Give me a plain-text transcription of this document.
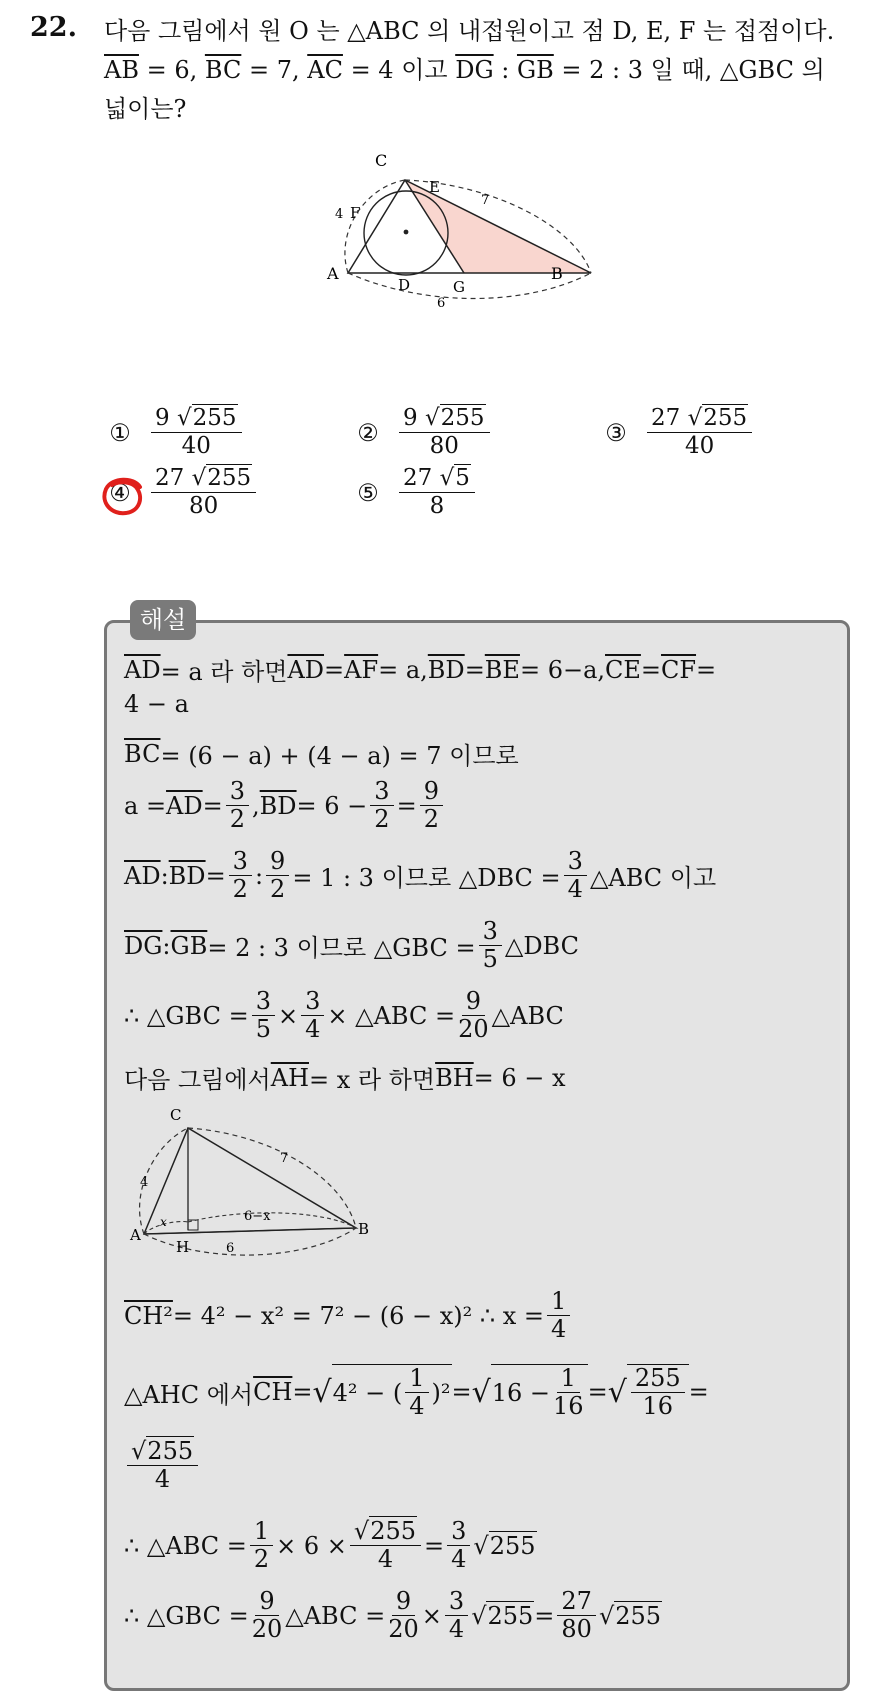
22. 다음 그림에서 원 O 는 △ABC 의 내접원이고 점 D, E, F 는 접점이다.
$\overline{AB} = 6$, $\overline{BC} = 7$, $\overline{AC} = 4$ 이고 $\overline{DG}$ : $\overline{GB} = 2$ : 3 일 때, △GBC 의
넓이는?
C
E
F
4
A
D	G
B
7
6
① $\frac{9 √255}{40}$	② $\frac{9 √255}{80}$	③ $\frac{27 √255}{40}$
④ $\frac{27 √255}{80}$	⑤ $\frac{27 √5}{8}$
해설
$\overline{AD} = a$ 라 하면 $\overline{AD} = \overline{AF} = a$, $\overline{BD} = \overline{BE} = 6-a$, $\overline{CE} = \overline{CF}$ =
4 − a
$\overline{BC} = (6 - a) + (4 - a) = 7$ 이므로
$a = \overline{AD} = \frac{3}{2}$ , $\overline{BD} = 6 - \frac{3}{2} = \frac{9}{2}$
$\overline{AD}$ : $\overline{BD} = \frac{3}{2}$ : $\frac{9}{2} = 1$ : 3 이므로 △DBC = $\frac{3}{4}$ △ABC 이고
$\overline{DG}$ : $\overline{GB} = 2$ : 3 이므로 △GBC = $\frac{3}{5}$ △DBC
∴ △GBC = $\frac{3}{5} \times \frac{3}{4}$ × △ABC = $\frac{9}{20}$ △ABC
다음 그림에서 $\overline{AH} = x$ 라 하면 $\overline{BH} = 6 - x$
C
A
H
B
4
7
x	6−x
6
CH² = 4² − x² = 7² − (6 − x)² ∴ $x = \frac{1}{4}$
△AHC 에서 $\overline{CH}$ = √ 4² − ( $\frac{1}{4} )^2$ = √ $16 - \frac{1}{16}$ = √ $\frac{255}{16}$ =
$\frac{√255}{4}$
∴ △ABC = $\frac{1}{2} \times 6 \times \frac{√255}{4} = \frac{3}{4}$ √ 255
∴ △GBC = $\frac{9}{20}$ △ABC = $\frac{9}{20} \times \frac{3}{4}$ √ $255 = \frac{27}{80}$ √ 255
